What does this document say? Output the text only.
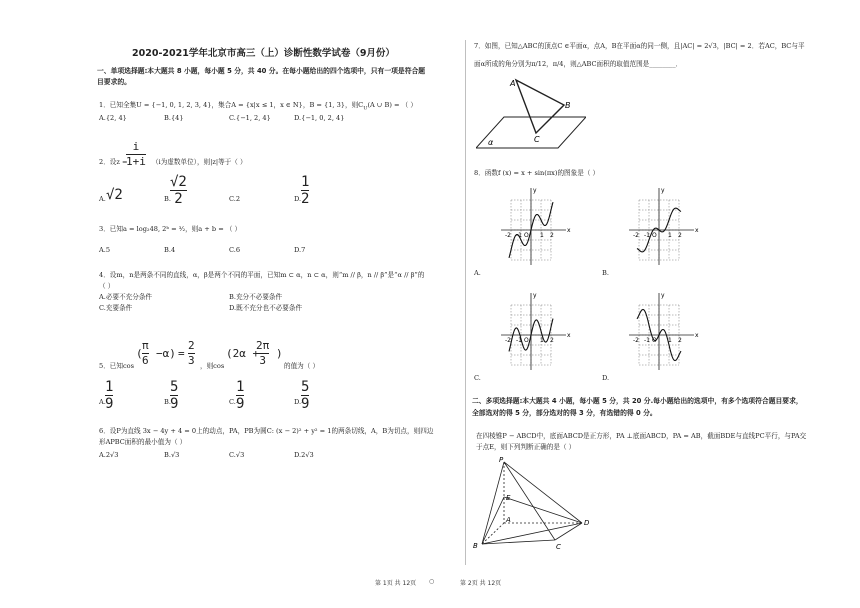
2020-2021学年北京市高三（上）诊断性数学试卷（9月份）
一、单项选择题:本大题共 8 小题，每小题 5 分，共 40 分。在每小题给出的四个选项中，只有一项是符合题
目要求的。
1．已知全集U = {−1, 0, 1, 2, 3, 4}，集合A = {x|x ≤ 1，x ∈ N}，B = {1, 3}，则$C_U(A$ ∪ B) = （ ）
A.{2, 4}	B.{4}	C.{−1, 2, 4}	D.{−1, 0, 2, 4}
2．设z =
i
1+i （i为虚数单位），则|z|等于（ ）
A. √2	B.
√2
2	C.2	D.
1
2
3．已知a = log₂48, 2ᵇ = ³⁄₂，则a + b = （ ）
A.5	B.4	C.6	D.7
4．设m，n是两条不同的直线，α，β是两个不同的平面，已知m ⊂ α，n ⊂ α，则“m // β，n // β”是“α // β”的
（ ）
A.必要不充分条件	B.充分不必要条件
C.充要条件	D.既不充分也不必要条件
5．已知cos
(
π
6
−α) =
2
3 ，则cos
(2α +
2π
3
)
的值为（ ）
A.
1
9	B.
5
9	C.-
1
9	D.-
5
9
6．设P为直线 3x − 4y + 4 = 0上的动点，PA，PB为圆C: (x − 2)² + y² = 1的两条切线，A，B为切点，则四边
形APBC面积的最小值为（ ）
A.2√3	B.√3	C.√3	D.2√3
7．如图，已知△ABC的顶点C ∈平面α，点A，B在平面α的同一侧，且|AC| = 2√3，|BC| = 2．若AC，BC与平
面α所成的角分别为π/12，π/4，则△ABC面积的取值范围是________．
A
B
C
α
8．函数f (x) = x + sin(πx)的图象是（ ）
A.
x
y
O
-2 -1	1 2
B.
x
y
O
-2 -1	1 2
C.
x
y
O
-2 -1	1 2
D.
x
y
O
-2 -1	1 2
二、多项选择题:本大题共 4 小题，每小题 5 分，共 20 分.每小题给出的选项中，有多个选项符合题目要求，
全部选对的得 5 分，部分选对的得 3 分，有选错的得 0 分。
在四棱锥P − ABCD中，底面ABCD是正方形，PA ⊥底面ABCD，PA = AB，截面BDE与直线PC平行，与PA交
于点E，则下列判断正确的是（ ）
P
E
A
B	C
D
第 1页 共 12页 ○	第 2页 共 12页
